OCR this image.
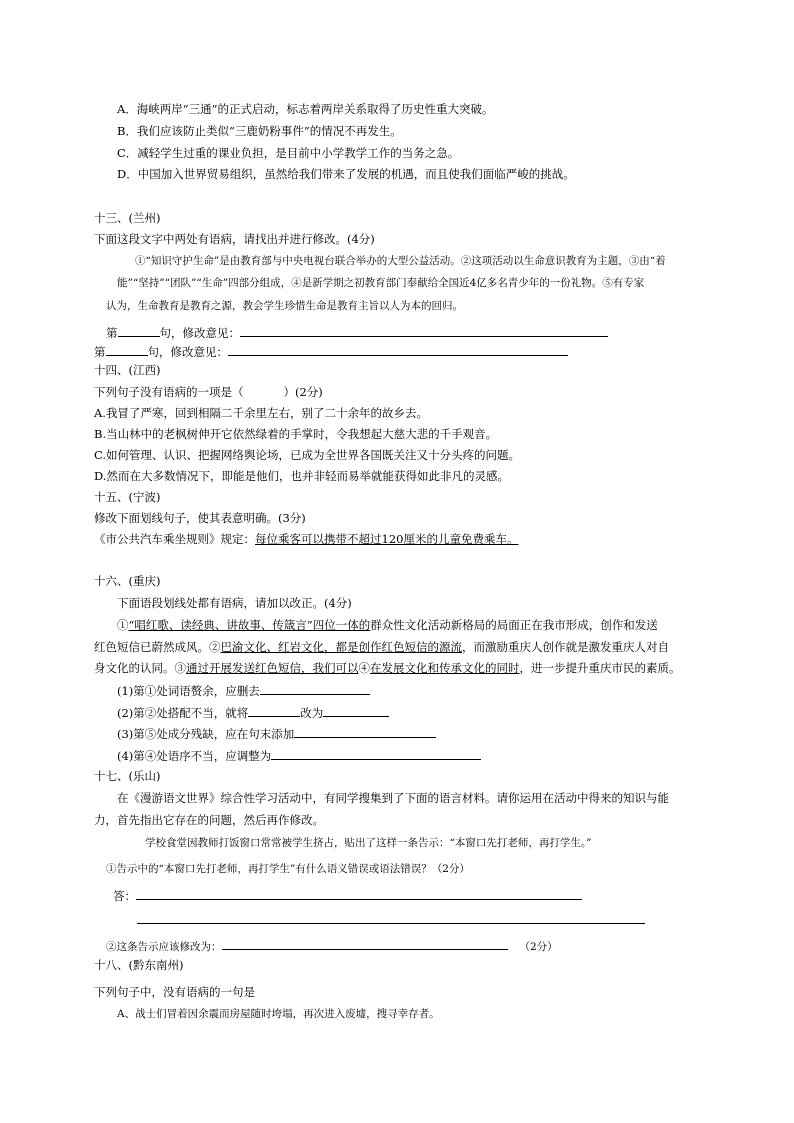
A．海峡两岸“三通”的正式启动，标志着两岸关系取得了历史性重大突破。
B．我们应该防止类似“三鹿奶粉事件”的情况不再发生。
C．减轻学生过重的课业负担，是目前中小学教学工作的当务之急。
D．中国加入世界贸易组织，虽然给我们带来了发展的机遇，而且使我们面临严峻的挑战。
十三、(兰州)
下面这段文字中两处有语病，请找出并进行修改。(4分)
①“知识守护生命”是由教育部与中央电视台联合举办的大型公益活动。②这项活动以生命意识教育为主题，③由“着
能”“坚持”“团队”“生命”四部分组成，④是新学期之初教育部门奉献给全国近4亿多名青少年的一份礼物。⑤有专家
认为，生命教育是教育之源，教会学生珍惜生命是教育主旨以人为本的回归。
第	句，修改意见：
第	句，修改意见：
十四、(江西)
下列句子没有语病的一项是（	）(2分)
A.我冒了严寒，回到相隔二千余里左右，别了二十余年的故乡去。
B.当山林中的老枫树伸开它依然绿着的手掌时，令我想起大慈大悲的千手观音。
C.如何管理、认识、把握网络舆论场，已成为全世界各国既关注又十分头疼的问题。
D.然而在大多数情况下，即能是他们，也并非轻而易举就能获得如此非凡的灵感。
十五、(宁波)
修改下面划线句子，使其表意明确。(3分)
《市公共汽车乘坐规则》规定：每位乘客可以携带不超过120厘米的儿童免费乘车。
十六、(重庆)
下面语段划线处都有语病，请加以改正。(4分)
①“唱红歌、读经典、讲故事、传箴言”四位一体的群众性文化活动新格局的局面正在我市形成，创作和发送
红色短信已蔚然成风。②巴渝文化、红岩文化，都是创作红色短信的源流，而激励重庆人创作就是激发重庆人对自
身文化的认同。③通过开展发送红色短信，我们可以④在发展文化和传承文化的同时，进一步提升重庆市民的素质。
(1)第①处词语赘余，应删去
(2)第②处搭配不当，就将	改为
(3)第⑤处成分残缺，应在句末添加
(4)第④处语序不当，应调整为
十七、(乐山)
在《漫游语文世界》综合性学习活动中，有同学搜集到了下面的语言材料。请你运用在活动中得来的知识与能
力，首先指出它存在的问题，然后再作修改。
学校食堂因教师打饭窗口常常被学生挤占，贴出了这样一条告示：“本窗口先打老师，再打学生。”
①告示中的“本窗口先打老师，再打学生”有什么语义错误或语法错误？（2分）
答：
②这条告示应该修改为：	（2分）
十八、(黔东南州)
下列句子中，没有语病的一句是
A、战士们冒着因余震而房屋随时垮塌，再次进入废墟，搜寻幸存者。
